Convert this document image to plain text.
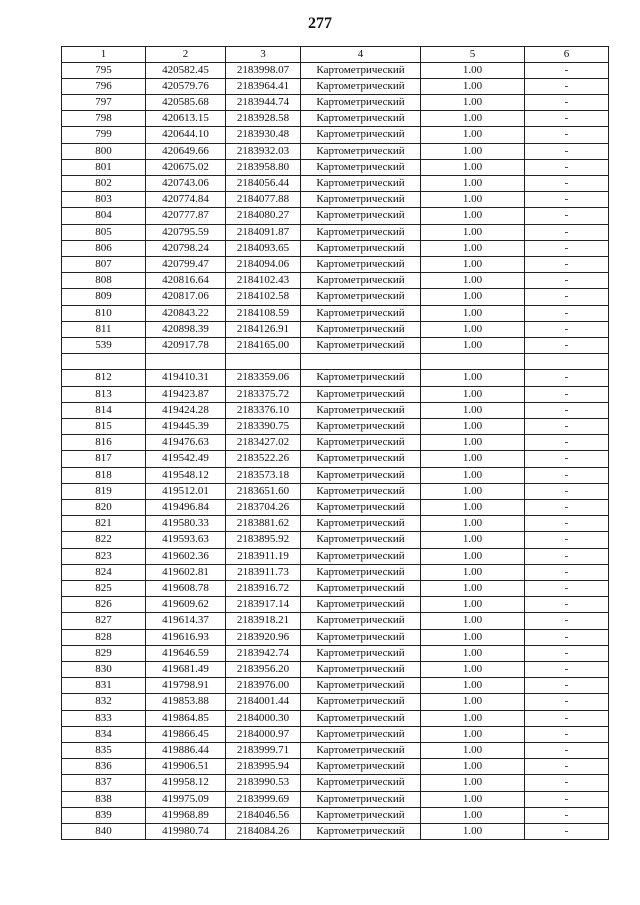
277
1	2	3	4	5	6
795	420582.45	2183998.07	Картометрический	1.00	-
796	420579.76	2183964.41	Картометрический	1.00	-
797	420585.68	2183944.74	Картометрический	1.00	-
798	420613.15	2183928.58	Картометрический	1.00	-
799	420644.10	2183930.48	Картометрический	1.00	-
800	420649.66	2183932.03	Картометрический	1.00	-
801	420675.02	2183958.80	Картометрический	1.00	-
802	420743.06	2184056.44	Картометрический	1.00	-
803	420774.84	2184077.88	Картометрический	1.00	-
804	420777.87	2184080.27	Картометрический	1.00	-
805	420795.59	2184091.87	Картометрический	1.00	-
806	420798.24	2184093.65	Картометрический	1.00	-
807	420799.47	2184094.06	Картометрический	1.00	-
808	420816.64	2184102.43	Картометрический	1.00	-
809	420817.06	2184102.58	Картометрический	1.00	-
810	420843.22	2184108.59	Картометрический	1.00	-
811	420898.39	2184126.91	Картометрический	1.00	-
539	420917.78	2184165.00	Картометрический	1.00	-

812	419410.31	2183359.06	Картометрический	1.00	-
813	419423.87	2183375.72	Картометрический	1.00	-
814	419424.28	2183376.10	Картометрический	1.00	-
815	419445.39	2183390.75	Картометрический	1.00	-
816	419476.63	2183427.02	Картометрический	1.00	-
817	419542.49	2183522.26	Картометрический	1.00	-
818	419548.12	2183573.18	Картометрический	1.00	-
819	419512.01	2183651.60	Картометрический	1.00	-
820	419496.84	2183704.26	Картометрический	1.00	-
821	419580.33	2183881.62	Картометрический	1.00	-
822	419593.63	2183895.92	Картометрический	1.00	-
823	419602.36	2183911.19	Картометрический	1.00	-
824	419602.81	2183911.73	Картометрический	1.00	-
825	419608.78	2183916.72	Картометрический	1.00	-
826	419609.62	2183917.14	Картометрический	1.00	-
827	419614.37	2183918.21	Картометрический	1.00	-
828	419616.93	2183920.96	Картометрический	1.00	-
829	419646.59	2183942.74	Картометрический	1.00	-
830	419681.49	2183956.20	Картометрический	1.00	-
831	419798.91	2183976.00	Картометрический	1.00	-
832	419853.88	2184001.44	Картометрический	1.00	-
833	419864.85	2184000.30	Картометрический	1.00	-
834	419866.45	2184000.97	Картометрический	1.00	-
835	419886.44	2183999.71	Картометрический	1.00	-
836	419906.51	2183995.94	Картометрический	1.00	-
837	419958.12	2183990.53	Картометрический	1.00	-
838	419975.09	2183999.69	Картометрический	1.00	-
839	419968.89	2184046.56	Картометрический	1.00	-
840	419980.74	2184084.26	Картометрический	1.00	-
